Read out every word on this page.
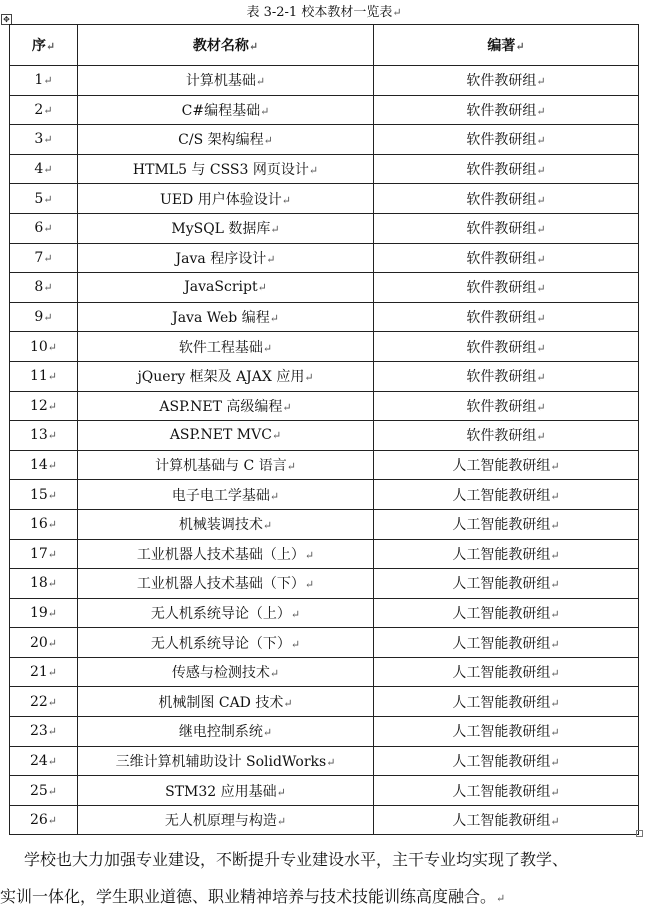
表 3-2-1 校本教材一览表↵
✥
序↵	教材名称↵	编著↵
1↵	计算机基础↵	软件教研组↵
2↵	C#编程基础↵	软件教研组↵
3↵	C/S 架构编程↵	软件教研组↵
4↵	HTML5 与 CSS3 网页设计↵	软件教研组↵
5↵	UED 用户体验设计↵	软件教研组↵
6↵	MySQL 数据库↵	软件教研组↵
7↵	Java 程序设计↵	软件教研组↵
8↵	JavaScript↵	软件教研组↵
9↵	Java Web 编程↵	软件教研组↵
10↵	软件工程基础↵	软件教研组↵
11↵	jQuery 框架及 AJAX 应用↵	软件教研组↵
12↵	ASP.NET 高级编程↵	软件教研组↵
13↵	ASP.NET MVC↵	软件教研组↵
14↵	计算机基础与 C 语言↵	人工智能教研组↵
15↵	电子电工学基础↵	人工智能教研组↵
16↵	机械装调技术↵	人工智能教研组↵
17↵	工业机器人技术基础（上）↵	人工智能教研组↵
18↵	工业机器人技术基础（下）↵	人工智能教研组↵
19↵	无人机系统导论（上）↵	人工智能教研组↵
20↵	无人机系统导论（下）↵	人工智能教研组↵
21↵	传感与检测技术↵	人工智能教研组↵
22↵	机械制图 CAD 技术↵	人工智能教研组↵
23↵	继电控制系统↵	人工智能教研组↵
24↵	三维计算机辅助设计 SolidWorks↵	人工智能教研组↵
25↵	STM32 应用基础↵	人工智能教研组↵
26↵	无人机原理与构造↵	人工智能教研组↵
学校也大力加强专业建设，不断提升专业建设水平，主干专业均实现了教学、
实训一体化，学生职业道德、职业精神培养与技术技能训练高度融合。↵
